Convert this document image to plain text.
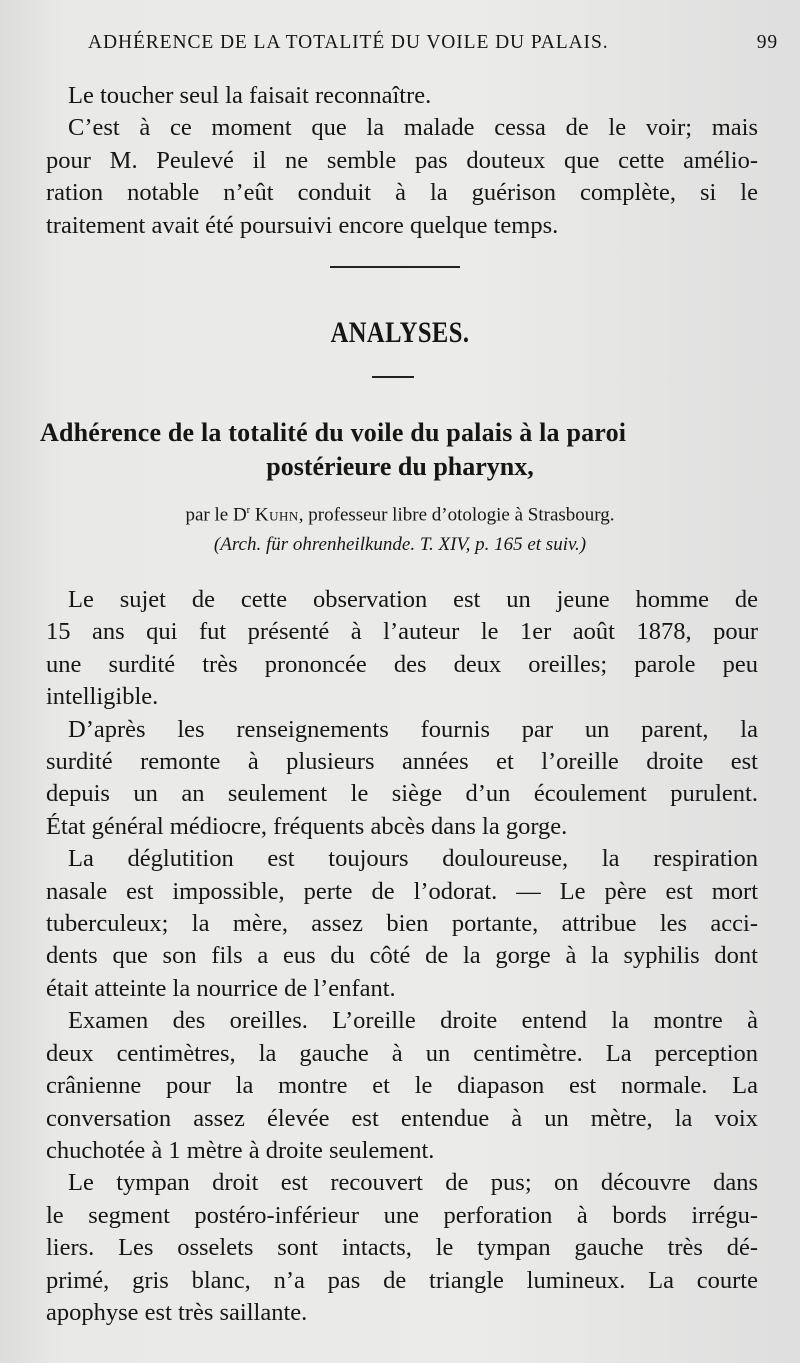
ADHÉRENCE DE LA TOTALITÉ DU VOILE DU PALAIS.	99

Le toucher seul la faisait reconnaître.

C’est à ce moment que la malade cessa de le voir; mais
pour M. Peulevé il ne semble pas douteux que cette amélio-
ration notable n’eût conduit à la guérison complète, si le
traitement avait été poursuivi encore quelque temps.

ANALYSES.
Adhérence de la totalité du voile du palais à la paroi
postérieure du pharynx,
par le $D^r$ Kuhn, professeur libre d’otologie à Strasbourg.
(Arch. für ohrenheilkunde. T. XIV, p. 165 et suiv.)

Le sujet de cette observation est un jeune homme de
15 ans qui fut présenté à l’auteur le 1er août 1878, pour
une surdité très prononcée des deux oreilles; parole peu
intelligible.

D’après les renseignements fournis par un parent, la
surdité remonte à plusieurs années et l’oreille droite est
depuis un an seulement le siège d’un écoulement purulent.
État général médiocre, fréquents abcès dans la gorge.

La déglutition est toujours douloureuse, la respiration
nasale est impossible, perte de l’odorat. — Le père est mort
tuberculeux; la mère, assez bien portante, attribue les acci-
dents que son fils a eus du côté de la gorge à la syphilis dont
était atteinte la nourrice de l’enfant.

Examen des oreilles. L’oreille droite entend la montre à
deux centimètres, la gauche à un centimètre. La perception
crânienne pour la montre et le diapason est normale. La
conversation assez élevée est entendue à un mètre, la voix
chuchotée à 1 mètre à droite seulement.

Le tympan droit est recouvert de pus; on découvre dans
le segment postéro-inférieur une perforation à bords irrégu-
liers. Les osselets sont intacts, le tympan gauche très dé-
primé, gris blanc, n’a pas de triangle lumineux. La courte
apophyse est très saillante.
